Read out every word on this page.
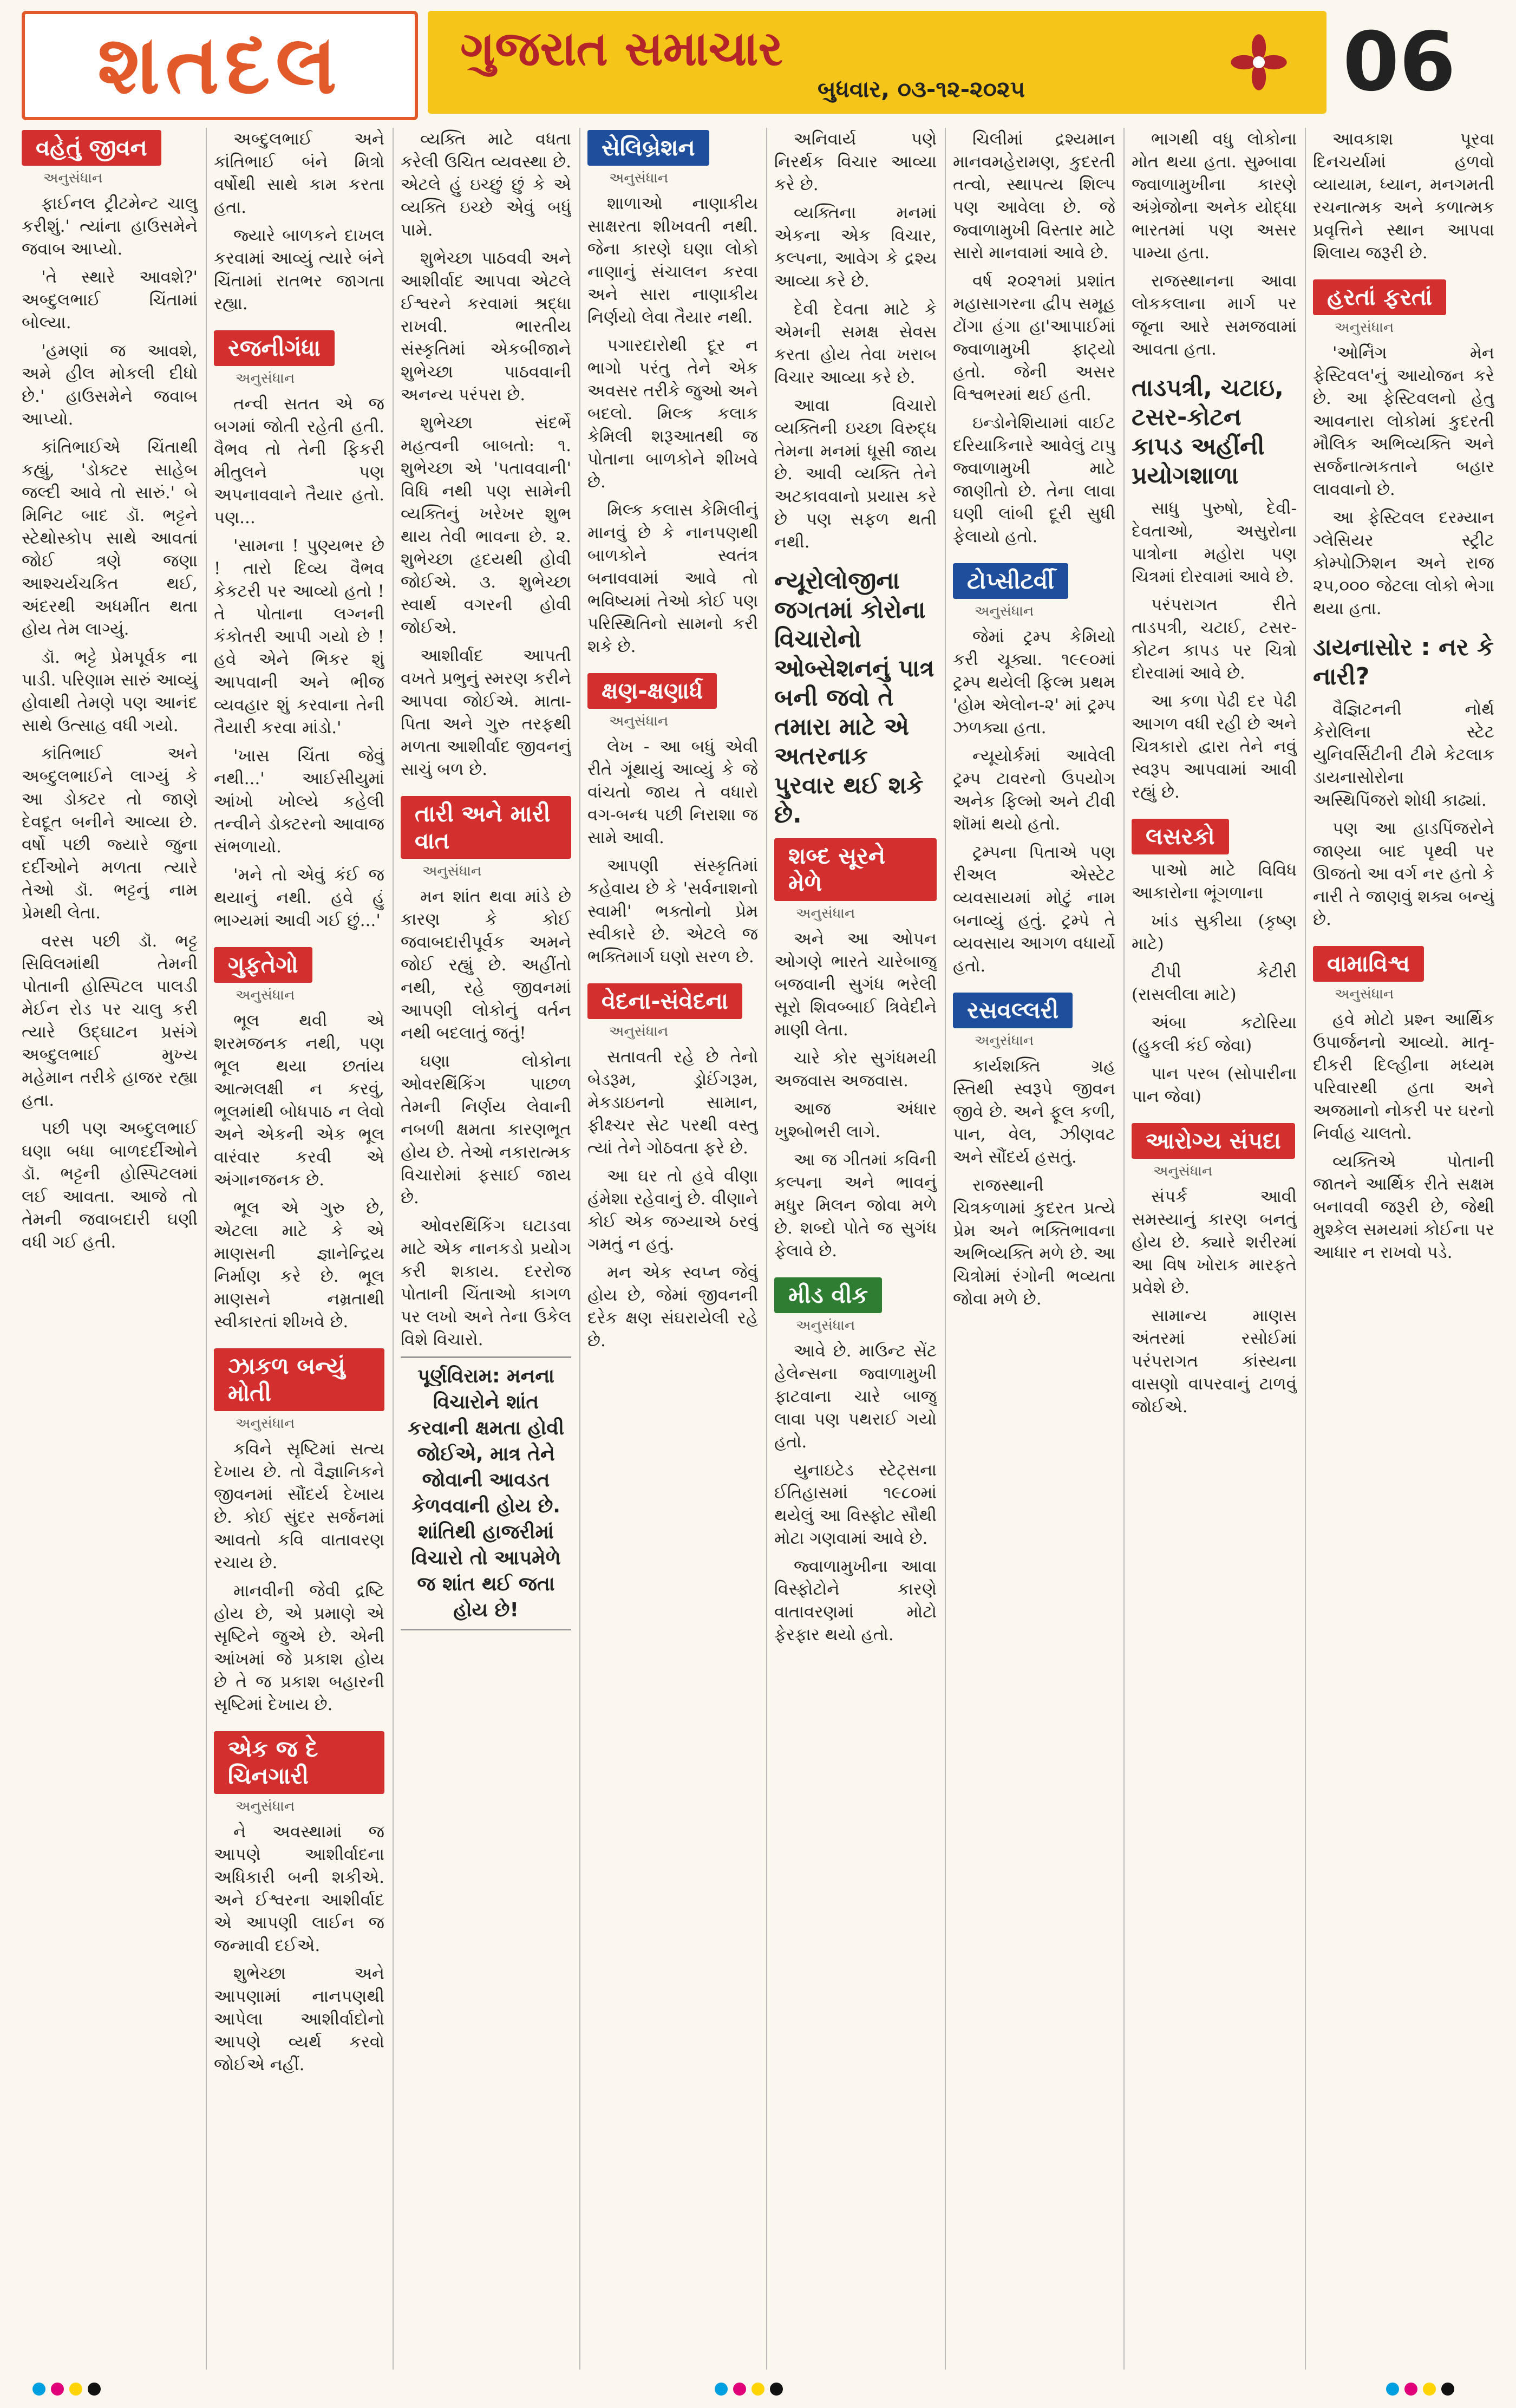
શતદલ	ગુજરાત સમાચાર
બુધવાર, ૦૩-૧૨-૨૦૨૫	06
વહેતું જીવન
અનુસંધાન

ફાઈનલ ટ્રીટમેન્ટ ચાલુ કરીશું.' ત્યાંના હાઉસમેને જવાબ આપ્યો.

'તે સ્થારે આવશે?' અબ્દુલભાઈ ચિંતામાં બોલ્યા.

'હમણાં જ આવશે, અમે હીલ મોકલી દીધો છે.' હાઉસમેને જવાબ આપ્યો.

કાંતિભાઈએ ચિંતાથી કહ્યું, 'ડોક્ટર સાહેબ જલ્દી આવે તો સારું.' બે મિનિટ બાદ ડૉ. ભટ્ટને સ્ટેથોસ્કોપ સાથે આવતાં જોઈ ત્રણે જણા આશ્ચર્યચકિત થઈ, અંદરથી અધમીંત થતા હોય તેમ લાગ્યું.

ડૉ. ભટ્ટે પ્રેમપૂર્વક ના પાડી. પરિણામ સારું આવ્યું હોવાથી તેમણે પણ આનંદ સાથે ઉત્સાહ વધી ગયો.

કાંતિભાઈ અને અબ્દુલભાઈને લાગ્યું કે આ ડોક્ટર તો જાણે દેવદૂત બનીને આવ્યા છે. વર્ષો પછી જ્યારે જુના દર્દીઓને મળતા ત્યારે તેઓ ડૉ. ભટ્ટનું નામ પ્રેમથી લેતા.

વરસ પછી ડૉ. ભટ્ટ સિવિલમાંથી તેમની પોતાની હોસ્પિટલ પાલડી મેઈન રોડ પર ચાલુ કરી ત્યારે ઉદ્ઘાટન પ્રસંગે અબ્દુલભાઈ મુખ્ય મહેમાન તરીકે હાજર રહ્યા હતા.

પછી પણ અબ્દુલભાઈ ઘણા બધા બાળદર્દીઓને ડૉ. ભટ્ટની હોસ્પિટલમાં લઈ આવતા. આજે તો તેમની જવાબદારી ઘણી વધી ગઈ હતી.

અબ્દુલભાઈ અને કાંતિભાઈ બંને મિત્રો વર્ષોથી સાથે કામ કરતા હતા.

જ્યારે બાળકને દાખલ કરવામાં આવ્યું ત્યારે બંને ચિંતામાં રાતભર જાગતા રહ્યા.

રજનીગંધા
અનુસંધાન

તન્વી સતત એ જ બગમાં જોતી રહેતી હતી. વૈભવ તો તેની ફિકરી મીતુલને પણ અપનાવવાને તૈયાર હતો. પણ...

'સામના ! પુણ્યભર છે ! તારો દિવ્ય વૈભવ કેકટરી પર આવ્યો હતો ! તે પોતાના લગ્નની કંકોતરી આપી ગયો છે ! હવે એને ભિકર શું આપવાની અને ભીજ વ્યવહાર શું કરવાના તેની તૈયારી કરવા માંડો.'

'ખાસ ચિંતા જેવું નથી...' આઈસીયુમાં આંખો ખોલ્યે કહેલી તન્વીને ડોક્ટરનો આવાજ સંભળાયો.

'મને તો એવું કંઈ જ થયાનું નથી. હવે હું ભાગ્યમાં આવી ગઈ છું...'

ગુફતેગો
અનુસંધાન

ભૂલ થવી એ શરમજનક નથી, પણ ભૂલ થયા છતાંય આત્મલક્ષી ન કરવું, ભૂલમાંથી બોધપાઠ ન લેવો અને એકની એક ભૂલ વારંવાર કરવી એ અંગાનજનક છે.

ભૂલ એ ગુરુ છે, એટલા માટે કે એ માણસની જ્ઞાનેન્દ્રિય નિર્માણ કરે છે. ભૂલ માણસને નમ્રતાથી સ્વીકારતાં શીખવે છે.

ઝાકળ બન્યું મોતી
અનુસંધાન

કવિને સૃષ્ટિમાં સત્ય દેખાય છે. તો વૈજ્ઞાનિકને જીવનમાં સૌંદર્ય દેખાય છે. કોઈ સુંદર સર્જનમાં આવતો કવિ વાતાવરણ રચાય છે.

માનવીની જેવી દ્રષ્ટિ હોય છે, એ પ્રમાણે એ સૃષ્ટિને જુએ છે. એની આંખમાં જે પ્રકાશ હોય છે તે જ પ્રકાશ બહારની સૃષ્ટિમાં દેખાય છે.

એક જ દે ચિનગારી
અનુસંધાન

ને અવસ્થામાં જ આપણે આશીર્વાદના અધિકારી બની શકીએ. અને ઈશ્વરના આશીર્વાદ એ આપણી લાઈન જ જન્માવી દઈએ.

શુભેચ્છા અને આપણામાં નાનપણથી આપેલા આશીર્વાદોનો આપણે વ્યર્થ કરવો જોઈએ નહીં.

વ્યક્તિ માટે વધતા કરેલી ઉચિત વ્યવસ્થા છે. એટલે હું ઇચ્છું છું કે એ વ્યક્તિ ઇચ્છે એવું બધું પામે.

શુભેચ્છા પાઠવવી અને આશીર્વાદ આપવા એટલે ઈશ્વરને કરવામાં શ્રદ્ધા રાખવી. ભારતીય સંસ્કૃતિમાં એકબીજાને શુભેચ્છા પાઠવવાની અનન્ય પરંપરા છે.

શુભેચ્છા સંદર્ભે મહત્વની બાબતો: ૧. શુભેચ્છા એ 'પતાવવાની' વિધિ નથી પણ સામેની વ્યક્તિનું ખરેખર શુભ થાય તેવી ભાવના છે. ૨. શુભેચ્છા હૃદયથી હોવી જોઈએ. ૩. શુભેચ્છા સ્વાર્થ વગરની હોવી જોઈએ.

આશીર્વાદ આપતી વખતે પ્રભુનું સ્મરણ કરીને આપવા જોઈએ. માતા-પિતા અને ગુરુ તરફથી મળતા આશીર્વાદ જીવનનું સાચું બળ છે.

તારી અને મારી વાત
અનુસંધાન

મન શાંત થવા માંડે છે કારણ કે કોઈ જવાબદારીપૂર્વક અમને જોઈ રહ્યું છે. અહીંતો નથી, રહે જીવનમાં આપણી લોકોનું વર્તન નથી બદલાતું જતું!

ઘણા લોકોના ઓવરથિંકિંગ પાછળ તેમની નિર્ણય લેવાની નબળી ક્ષમતા કારણભૂત હોય છે. તેઓ નકારાત્મક વિચારોમાં ફસાઈ જાય છે.

ઓવરથિંકિંગ ઘટાડવા માટે એક નાનકડો પ્રયોગ કરી શકાય. દરરોજ પોતાની ચિંતાઓ કાગળ પર લખો અને તેના ઉકેલ વિશે વિચારો.

પૂર્ણવિરામ: મનના વિચારોને શાંત કરવાની ક્ષમતા હોવી જોઈએ, માત્ર તેને જોવાની આવડત કેળવવાની હોય છે. શાંતિથી હાજરીમાં વિચારો તો આપમેળે જ શાંત થઈ જતા હોય છે!
સેલિબ્રેશન
અનુસંધાન

શાળાઓ નાણાકીય સાક્ષરતા શીખવતી નથી. જેના કારણે ઘણા લોકો નાણાનું સંચાલન કરવા અને સારા નાણાકીય નિર્ણયો લેવા તૈયાર નથી.

પગારદારોથી દૂર ન ભાગો પરંતુ તેને એક અવસર તરીકે જુઓ અને બદલો. મિલ્ક કલાક કેમિલી શરૂઆતથી જ પોતાના બાળકોને શીખવે છે.

મિલ્ક કલાસ કેમિલીનું માનવું છે કે નાનપણથી બાળકોને સ્વતંત્ર બનાવવામાં આવે તો ભવિષ્યમાં તેઓ કોઈ પણ પરિસ્થિતિનો સામનો કરી શકે છે.

ક્ષણ-ક્ષણાર્ધ
અનુસંધાન

લેખ - આ બધું એવી રીતે ગૂંથાયું આવ્યું કે જે વાંચતો જાય તે વધારો વગ-બન્ધ પછી નિરાશા જ સામે આવી.

આપણી સંસ્કૃતિમાં કહેવાય છે કે 'સર્વનાશનો સ્વામી' ભક્તોનો પ્રેમ સ્વીકારે છે. એટલે જ ભક્તિમાર્ગ ઘણો સરળ છે.

વેદના-સંવેદના
અનુસંધાન

સતાવતી રહે છે તેનો બેડરૂમ, ડ્રોઈંગરૂમ, મેકડાઇનનો સામાન, ફીક્ષ્ચર સેટ પરથી વસ્તુ ત્યાં તેને ગોઠવતા ફરે છે.

આ ઘર તો હવે વીણા હંમેશા રહેવાનું છે. વીણાને કોઈ એક જગ્યાએ ઠરવું ગમતું ન હતું.

મન એક સ્વપ્ન જેવું હોય છે, જેમાં જીવનની દરેક ક્ષણ સંઘરાયેલી રહે છે.

અનિવાર્ય પણે નિરર્થક વિચાર આવ્યા કરે છે.

વ્યક્તિના મનમાં એકના એક વિચાર, કલ્પના, આવેગ કે દ્રશ્ય આવ્યા કરે છે.

દેવી દેવતા માટે કે એમની સમક્ષ સેવસ કરતા હોય તેવા ખરાબ વિચાર આવ્યા કરે છે.

આવા વિચારો વ્યક્તિની ઇચ્છા વિરુદ્ધ તેમના મનમાં ધૂસી જાય છે. આવી વ્યક્તિ તેને અટકાવવાનો પ્રયાસ કરે છે પણ સફળ થતી નથી.

ન્યૂરોલોજીના જગતમાં કોરોના વિચારોનો ઓબ્સેશનનું પાત્ર બની જવો તે તમારા માટે એ અતરનાક પુરવાર થઈ શકે છે.
શબ્દ સૂરને મેળે
અનુસંધાન

અને આ ઓપન ઓગણે ભારતે ચારેબાજુ બજવાની સુગંધ ભરેલી સૂરો શિવબ્બાઈ ત્રિવેદીને માણી લેતા.

ચારે કોર સુગંધમયી અજવાસ અજવાસ.

આજ અંધાર ખુશ્બોભરી લાગે.

આ જ ગીતમાં કવિની કલ્પના અને ભાવનું મધુર મિલન જોવા મળે છે. શબ્દો પોતે જ સુગંધ ફેલાવે છે.

મીડ વીક
અનુસંધાન

આવે છે. માઉન્ટ સેંટ હેલેન્સના જ્વાળામુખી ફાટવાના ચારે બાજુ લાવા પણ પથરાઈ ગયો હતો.

યુનાઇટેડ સ્ટેટ્સના ઈતિહાસમાં ૧૯૮૦માં થયેલું આ વિસ્ફોટ સૌથી મોટા ગણવામાં આવે છે.

જ્વાળામુખીના આવા વિસ્ફોટોને કારણે વાતાવરણમાં મોટો ફેરફાર થયો હતો.

ચિલીમાં દ્રશ્યમાન માનવમહેરામણ, કુદરતી તત્વો, સ્થાપત્ય શિલ્પ પણ આવેલા છે. જે જ્વાળામુખી વિસ્તાર માટે સારો માનવામાં આવે છે.

વર્ષ ૨૦૨૧માં પ્રશાંત મહાસાગરના દ્વીપ સમૂહ ટોંગા હંગા હા'આપાઈમાં જ્વાળામુખી ફાટ્યો હતો. જેની અસર વિશ્વભરમાં થઈ હતી.

ઇન્ડોનેશિયામાં વાઈટ દરિયાકિનારે આવેલું ટાપુ જ્વાળામુખી માટે જાણીતો છે. તેના લાવા ઘણી લાંબી દૂરી સુધી ફેલાયો હતો.

ટોપ્સીટર્વી
અનુસંધાન

જેમાં ટ્રમ્પ કેમિયો કરી ચૂક્યા. ૧૯૯૦માં ટ્રમ્પ થયેલી ફિલ્મ પ્રથમ 'હોમ એલોન-૨' માં ટ્રમ્પ ઝળક્યા હતા.

ન્યૂયોર્કમાં આવેલી ટ્રમ્પ ટાવરનો ઉપયોગ અનેક ફિલ્મો અને ટીવી શૉમાં થયો હતો.

ટ્રમ્પના પિતાએ પણ રીઅલ એસ્ટેટ વ્યવસાયમાં મોટું નામ બનાવ્યું હતું. ટ્રમ્પે તે વ્યવસાય આગળ વધાર્યો હતો.

રસવલ્લરી
અનુસંધાન

કાર્યશક્તિ ગ્રહ સ્તિથી સ્વરૂપે જીવન જીવે છે. અને ફૂલ કળી, પાન, વેલ, ઝીણવટ અને સૌંદર્ય હસતું.

રાજસ્થાની ચિત્રકળામાં કુદરત પ્રત્યે પ્રેમ અને ભક્તિભાવના અભિવ્યક્તિ મળે છે. આ ચિત્રોમાં રંગોની ભવ્યતા જોવા મળે છે.

ભાગથી વધુ લોકોના મોત થયા હતા. સુમ્બાવા જ્વાળામુખીના કારણે અંગ્રેજોના અનેક યોદ્ધા ભારતમાં પણ અસર પામ્યા હતા.

રાજસ્થાનના આવા લોકકલાના માર્ગ પર જૂના આરે સમજવામાં આવતા હતા.

તાડપત્રી, ચટાઇ, ટસર-કોટન કાપડ અહીંની પ્રયોગશાળા

સાધુ પુરુષો, દેવી-દેવતાઓ, અસુરોના પાત્રોના મહોરા પણ ચિત્રમાં દોરવામાં આવે છે.

પરંપરાગત રીતે તાડપત્રી, ચટાઈ, ટસર-કોટન કાપડ પર ચિત્રો દોરવામાં આવે છે.

આ કળા પેઢી દર પેઢી આગળ વધી રહી છે અને ચિત્રકારો દ્વારા તેને નવું સ્વરૂપ આપવામાં આવી રહ્યું છે.

લસરકો

પાઓ માટે વિવિધ આકારોના ભૂંગળાના

ખાંડ સુકીયા (કૃષ્ણ માટે)

ટીપી કેટીરી (રાસલીલા માટે)

અંબા કટોરિયા (હુકલી કંઈ જેવા)

પાન પરબ (સોપારીના પાન જેવા)

આરોગ્ય સંપદા
અનુસંધાન

સંપર્ક આવી સમસ્યાનું કારણ બનતું હોય છે. ક્યારે શરીરમાં આ વિષ ખોરાક મારફતે પ્રવેશે છે.

સામાન્ય માણસ અંતરમાં રસોઈમાં પરંપરાગત કાંસ્યના વાસણો વાપરવાનું ટાળવું જોઈએ.

આવકાશ પૂરવા દિનચર્યામાં હળવો વ્યાયામ, ધ્યાન, મનગમતી રચનાત્મક અને કળાત્મક પ્રવૃત્તિને સ્થાન આપવા શિલાય જરૂરી છે.

હરતાં ફરતાં
અનુસંધાન

'ઓર્નિંગ મેન ફેસ્ટિવલ'નું આયોજન કરે છે. આ ફેસ્ટિવલનો હેતુ આવનારા લોકોમાં કુદરતી મૌલિક અભિવ્યક્તિ અને સર્જનાત્મકતાને બહાર લાવવાનો છે.

આ ફેસ્ટિવલ દરમ્યાન ગ્લેસિયર સ્ટ્રીટ કોમ્પોઝિશન અને રાજ ૨૫,૦૦૦ જેટલા લોકો ભેગા થયા હતા.

ડાયનાસોર : નર કે નારી?

વૈજ્ઞિટનની નોર્થ કેરોલિના સ્ટેટ યુનિવર્સિટીની ટીમે કેટલાક ડાયનાસોરોના અસ્થિપિંજરો શોધી કાઢ્યાં.

પણ આ હાડપિંજરોને જાણ્યા બાદ પૃથ્વી પર ઊજતો આ વર્ગ નર હતો કે નારી તે જાણવું શક્ય બન્યું છે.

વામાવિશ્વ
અનુસંધાન

હવે મોટો પ્રશ્ન આર્થિક ઉપાર્જનનો આવ્યો. માતૃ-દીકરી દિલ્હીના મધ્યમ પરિવારથી હતા અને અજમાનો નોકરી પર ઘરનો નિર્વાહ ચાલતો.

વ્યક્તિએ પોતાની જાતને આર્થિક રીતે સક્ષમ બનાવવી જરૂરી છે, જેથી મુશ્કેલ સમયમાં કોઈના પર આધાર ન રાખવો પડે.
